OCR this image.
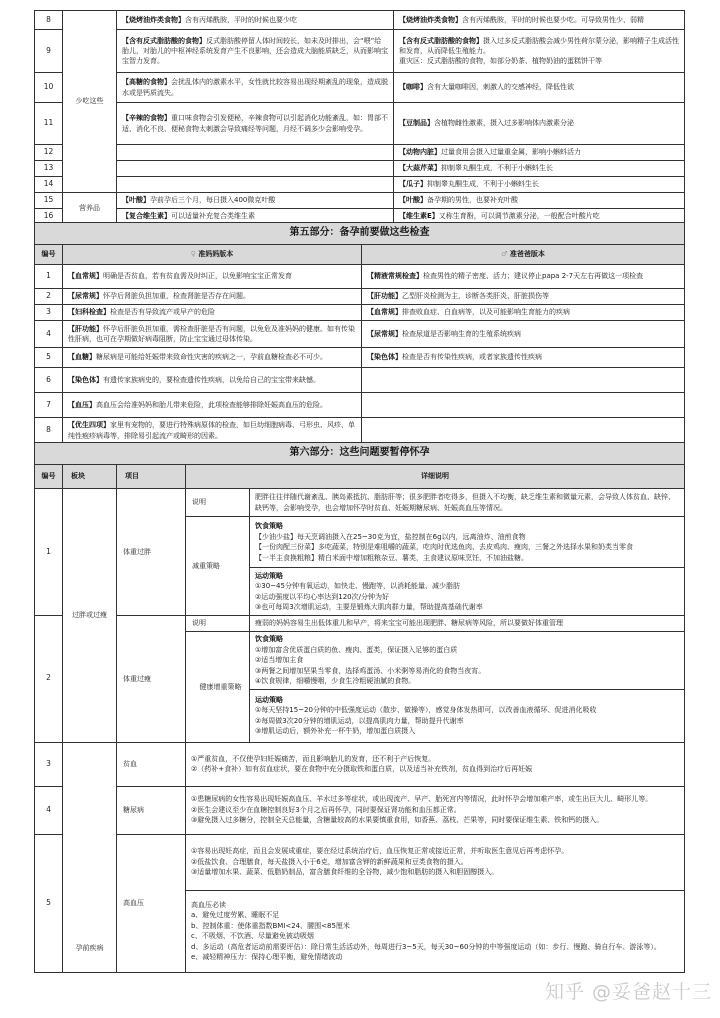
8	少吃这些	【烧烤油炸类食物】含有丙烯酰胺，平时的时候也要少吃	【烧烤油炸类食物】含有丙烯酰胺，平时的时候也要少吃。可导致男性少、弱精
9		【含有反式脂肪酸的食物】反式脂肪酸停留人体时间较长，如未及时排出，会“喂”给胎儿，对胎儿的中枢神经系统发育产生不良影响，还会造成大脑能质缺乏，从而影响宝宝智力发育。	【含有反式脂肪酸的食物】摄入过多反式脂肪酸会减少男性荷尔蒙分泌，影响精子生成活性和发育，从而降低生殖能力。
重灾区：反式脂肪酸的食物，如部分奶茶、植物奶油的蛋糕饼干等
10		【高糖的食物】会扰乱体内的激素水平，女性就比较容易出现经期紊乱的现象，造成脱水或是钙质流失。	【咖啡】含有大量咖啡因，刺激人的交感神经，降低性欲
11		【辛辣的食物】重口味食物会引发便秘，辛辣食物可以引起消化功能紊乱，如：胃部不适、消化不良、便秘食物太刺激会导致痛经等问题，月经不调多少会影响受孕。	【豆制品】含植物雌性激素，摄入过多影响体内激素分泌
12			【动物内脏】过量食用会摄入过量重金属，影响小蝌蚪活力
13			【大蒜芹菜】抑制睾丸酮生成，不利于小蝌蚪生长
14			【瓜子】抑制睾丸酮生成，不利于小蝌蚪生长
15	营养品	【叶酸】孕前孕后三个月，每日摄入400微克叶酸	【叶酸】备孕期的男性，也要补充叶酸
16		【复合维生素】可以适量补充复合类维生素	【维生素E】又称生育酚，可以调节激素分泌，一般配合叶酸片吃
第五部分：备孕前要做这些检查		
编号	♀ 准妈妈版本	♂ 准爸爸版本
1	【血常规】明确是否贫血，若有贫血需及时纠正，以免影响宝宝正常发育	【精液常规检查】检查男性的精子密度、活力；建议停止papa 2-7天左右再做这一项检查
2	【尿常规】怀孕后肾脏负担加重，检查肾脏是否存在问题。	【肝功能】乙型肝炎检测为主，诊断各类肝炎、肝脏损伤等
3	【妇科检查】检查是否有导致流产或早产的危险	【血常规】排查败血症、白血病等，以及可能影响生育能力的疾病
4	【肝功能】怀孕后肝脏负担加重，需检查肝脏是否有问题，以免危及准妈妈的健康。如有传染性肝病，也可在孕期做好病毒阻断，防止宝宝通过母体传染。	【尿常规】检查尿道是否影响生育的生殖系统疾病
5	【血糖】糖尿病是可能给妊娠带来致命性灾害的疾病之一，孕前血糖检查必不可少。	【染色体】检查是否有传染性疾病，或者家族遗传性疾病
6	【染色体】有遗传家族病史的，要检查遗传性疾病，以免给自己的宝宝带来缺憾。	
7	【血压】高血压会给准妈妈和胎儿带来危险，此项检查能够排除妊娠高血压的危险。	
8	【优生四项】家里有宠物的，要进行特殊病原体的检查，如巨幼细胞病毒、弓形虫、风疹、单纯性疱疹病毒等，排除易引起流产或畸形的因素。	
第六部分：这些问题要暂停怀孕				
编号	板块	项目	详细说明	
1	过胖或过瘦	体重过胖	说明	肥胖往往伴随代谢紊乱、胰岛素抵抗、脂肪肝等；很多肥胖者吃得多，但摄入不均衡，缺乏维生素和微量元素，会导致人体贫血、缺锌、缺钙等，会影响受孕，也会增加怀孕时贫血、妊娠期糖尿病、妊娠高血压等情况。
			减重策略	饮食策略
【少油少盐】每天烹调油摄入在25~30克为宜，盐控制在6g以内，远离油炸、油煎食物
【一份肉配三份菜】多吃蔬菜，特别是难咀嚼的蔬菜，吃肉时优选鱼肉、去皮鸡肉、瘦肉，三餐之外选择水果和奶类当零食
【一半主食换粗粮】精白米面中增加粗粮杂豆、薯类，主食建议原味烹饪，不加油盐糖。

				运动策略
①30~45分钟有氧运动，如快走、慢跑等，以消耗能量、减少脂肪
②运动强度以平均心率达到120次/分钟为好
③也可每周3次增肌运动，主要是锻炼大肌肉群力量，帮助提高基础代谢率

2		体重过瘦	说明	瘦弱的妈妈容易生出低体重儿和早产，将来宝宝可能出现肥胖、糖尿病等风险，所以要做好体重管理
			健康增重策略	饮食策略
①增加富含优质蛋白质的鱼、瘦肉、蛋类，保证摄入足够的蛋白质
②适当增加主食
③两餐之间增加坚果当零食，选择鸡蛋汤、小米粥等易消化的食物当夜宵。
④饮食规律，细嚼慢咽，少食生冷粗硬油腻的食物。

				运动策略
①每天坚持15~20分钟的中低强度运动（散步、做操等），感觉身体发热即可，以改善血液循环、促进消化吸收
②每周做3次20分钟的增肌运动，以提高肌肉力量，帮助提升代谢率
③增肌运动后，额外补充一杯牛奶，增加蛋白质摄入

3	孕前疾病	贫血	①严重贫血，不仅使孕妇妊娠痛苦，而且影响胎儿的发育，还不利于产后恢复。
②（药补+食补）如有贫血症状，要在食物中充分摄取铁和蛋白质，以及适当补充铁剂，贫血得到治疗后再妊娠	

4		糖尿病	①患糖尿病的女性容易出现妊娠高血压、羊水过多等症状，或出现流产、早产、胎死宫内等情况，此时怀孕会增加难产率，或生出巨大儿、畸形儿等。
②医生会建议至少在血糖控制良好3个月之后再怀孕，同时要保证肾功能和血压都正常。
③避免摄入过多糖分，控制全天总能量，含糖量较高的水果要慎重食用，如香蕉、荔枝、芒果等，同时要保证维生素、铁和钙的摄入。	

5		高血压	①容易出现妊高症，而且会发展成重症，要在经过系统治疗后，血压恢复正常或接近正常，并听取医生意见后再考虑怀孕。
②低盐饮食、合理膳食，每天盐摄入小于6克，增加富含钾的新鲜蔬果和豆类食物的摄入。
③适量增加水果、蔬菜、低脂奶制品，富含膳食纤维的全谷物，减少饱和脂肪的摄入和胆固醇摄入。	

高血压必读
a、避免过度劳累、睡眠不足
b、控制体重：使体重指数BMI<24、腰围<85厘米
c、不吸烟、不饮酒、尽量避免被动吸烟
d、多运动（高危者运动前需要评估）：除日常生活活动外，每周进行3~5天，每天30~60分钟的中等强度运动（如：步行、慢跑、骑自行车、游泳等）。
e、减轻精神压力：保持心理平衡，避免情绪波动
知乎 @妥爸赵十三
